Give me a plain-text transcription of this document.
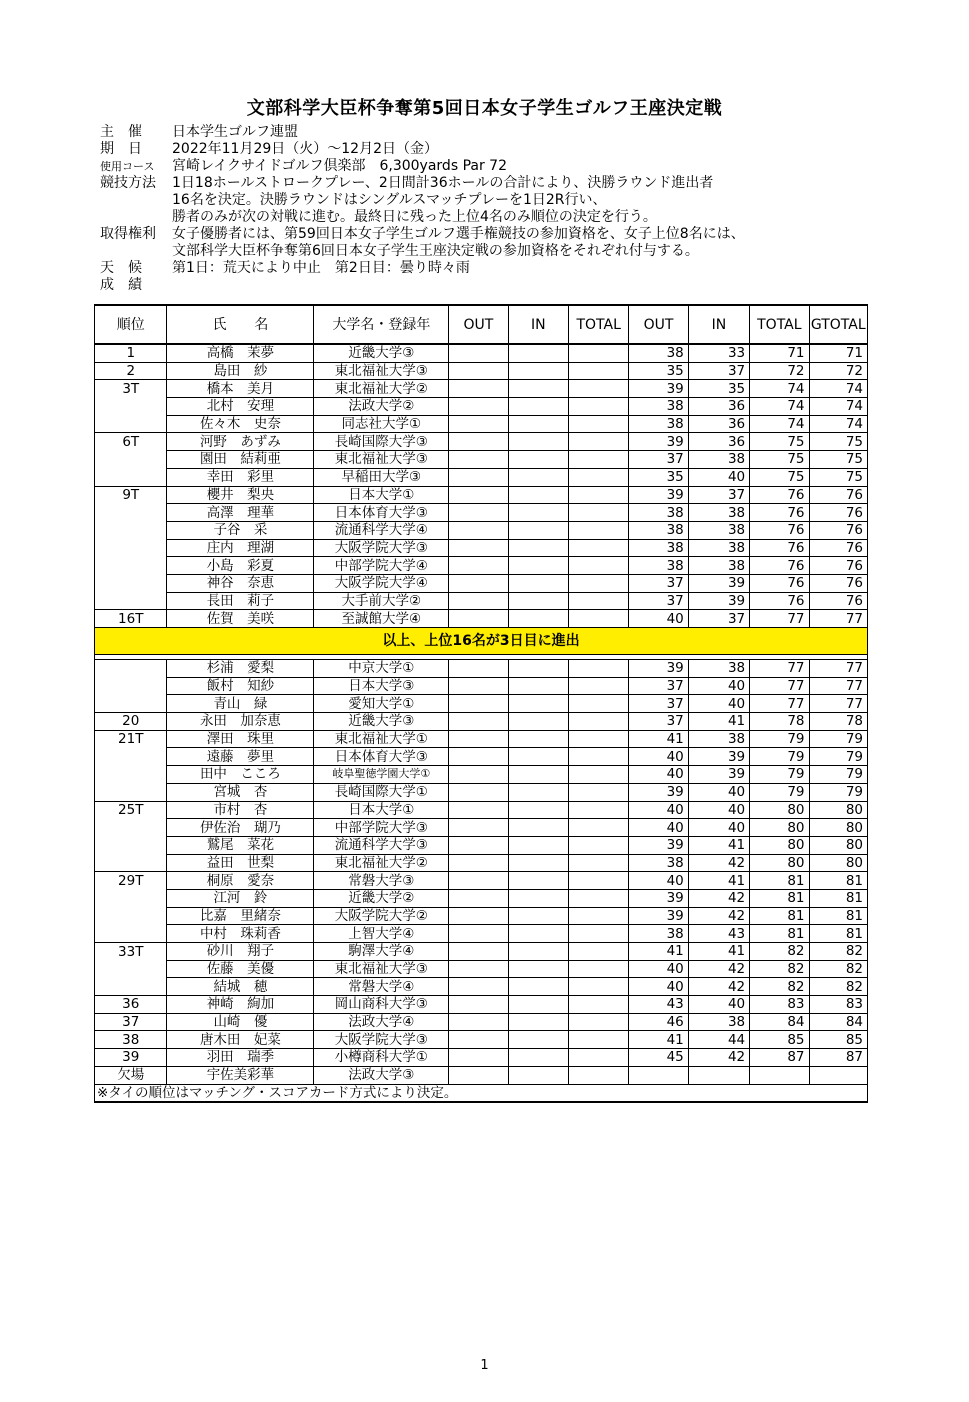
文部科学大臣杯争奪第5回日本女子学生ゴルフ王座決定戦
主　催 日本学生ゴルフ連盟
期　日 2022年11月29日（火）～12月2日（金）
使用コース 宮崎レイクサイドゴルフ倶楽部　6,300yards Par 72
競技方法 1日18ホールストロークプレー、2日間計36ホールの合計により、決勝ラウンド進出者
16名を決定。決勝ラウンドはシングルスマッチプレーを1日2R行い、
勝者のみが次の対戦に進む。最終日に残った上位4名のみ順位の決定を行う。
取得権利 女子優勝者には、第59回日本女子学生ゴルフ選手権競技の参加資格を、女子上位8名には、
文部科学大臣杯争奪第6回日本女子学生王座決定戦の参加資格をそれぞれ付与する。
天　候 第1日：荒天により中止　第2日目：曇り時々雨
成　績
順位	氏　　名	大学名・登録年	OUT	IN	TOTAL	OUT	IN	TOTAL	GTOTAL
1	高橋　茉夢	近畿大学③				38	33	71	71
2	島田　紗	東北福祉大学③				35	37	72	72
3T	橋本　美月	東北福祉大学②				39	35	74	74
	北村　安理	法政大学②				38	36	74	74
	佐々木　史奈	同志社大学①				38	36	74	74
6T	河野　あずみ	長崎国際大学③				39	36	75	75
	園田　結莉亜	東北福祉大学③				37	38	75	75
	幸田　彩里	早稲田大学③				35	40	75	75
9T	櫻井　梨央	日本大学①				39	37	76	76
	高澤　理華	日本体育大学③				38	38	76	76
	子谷　采	流通科学大学④				38	38	76	76
	庄内　理湖	大阪学院大学③				38	38	76	76
	小島　彩夏	中部学院大学④				38	38	76	76
	神谷　奈恵	大阪学院大学④				37	39	76	76
	長田　莉子	大手前大学②				37	39	76	76
16T	佐賀　美咲	至誠館大学④				40	37	77	77
以上、上位16名が3日目に進出									

	杉浦　愛梨	中京大学①				39	38	77	77
	飯村　知紗	日本大学③				37	40	77	77
	青山　緑	愛知大学①				37	40	77	77
20	永田　加奈恵	近畿大学③				37	41	78	78
21T	澤田　珠里	東北福祉大学①				41	38	79	79
	遠藤　夢里	日本体育大学③				40	39	79	79
	田中　こころ	岐阜聖徳学園大学①				40	39	79	79
	宮城　杏	長崎国際大学①				39	40	79	79
25T	市村　杏	日本大学①				40	40	80	80
	伊佐治　瑚乃	中部学院大学③				40	40	80	80
	鷲尾　菜花	流通科学大学③				39	41	80	80
	益田　世梨	東北福祉大学②				38	42	80	80
29T	桐原　愛奈	常磐大学③				40	41	81	81
	江河　鈴	近畿大学②				39	42	81	81
	比嘉　里緒奈	大阪学院大学②				39	42	81	81
	中村　珠莉香	上智大学④				38	43	81	81
33T	砂川　翔子	駒澤大学④				41	41	82	82
	佐藤　美優	東北福祉大学③				40	42	82	82
	結城　穂	常磐大学④				40	42	82	82
36	神崎　絢加	岡山商科大学③				43	40	83	83
37	山崎　優	法政大学④				46	38	84	84
38	唐木田　妃菜	大阪学院大学③				41	44	85	85
39	羽田　瑞季	小樽商科大学①				45	42	87	87
欠場	宇佐美彩華	法政大学③							
※タイの順位はマッチング・スコアカード方式により決定。									
1
